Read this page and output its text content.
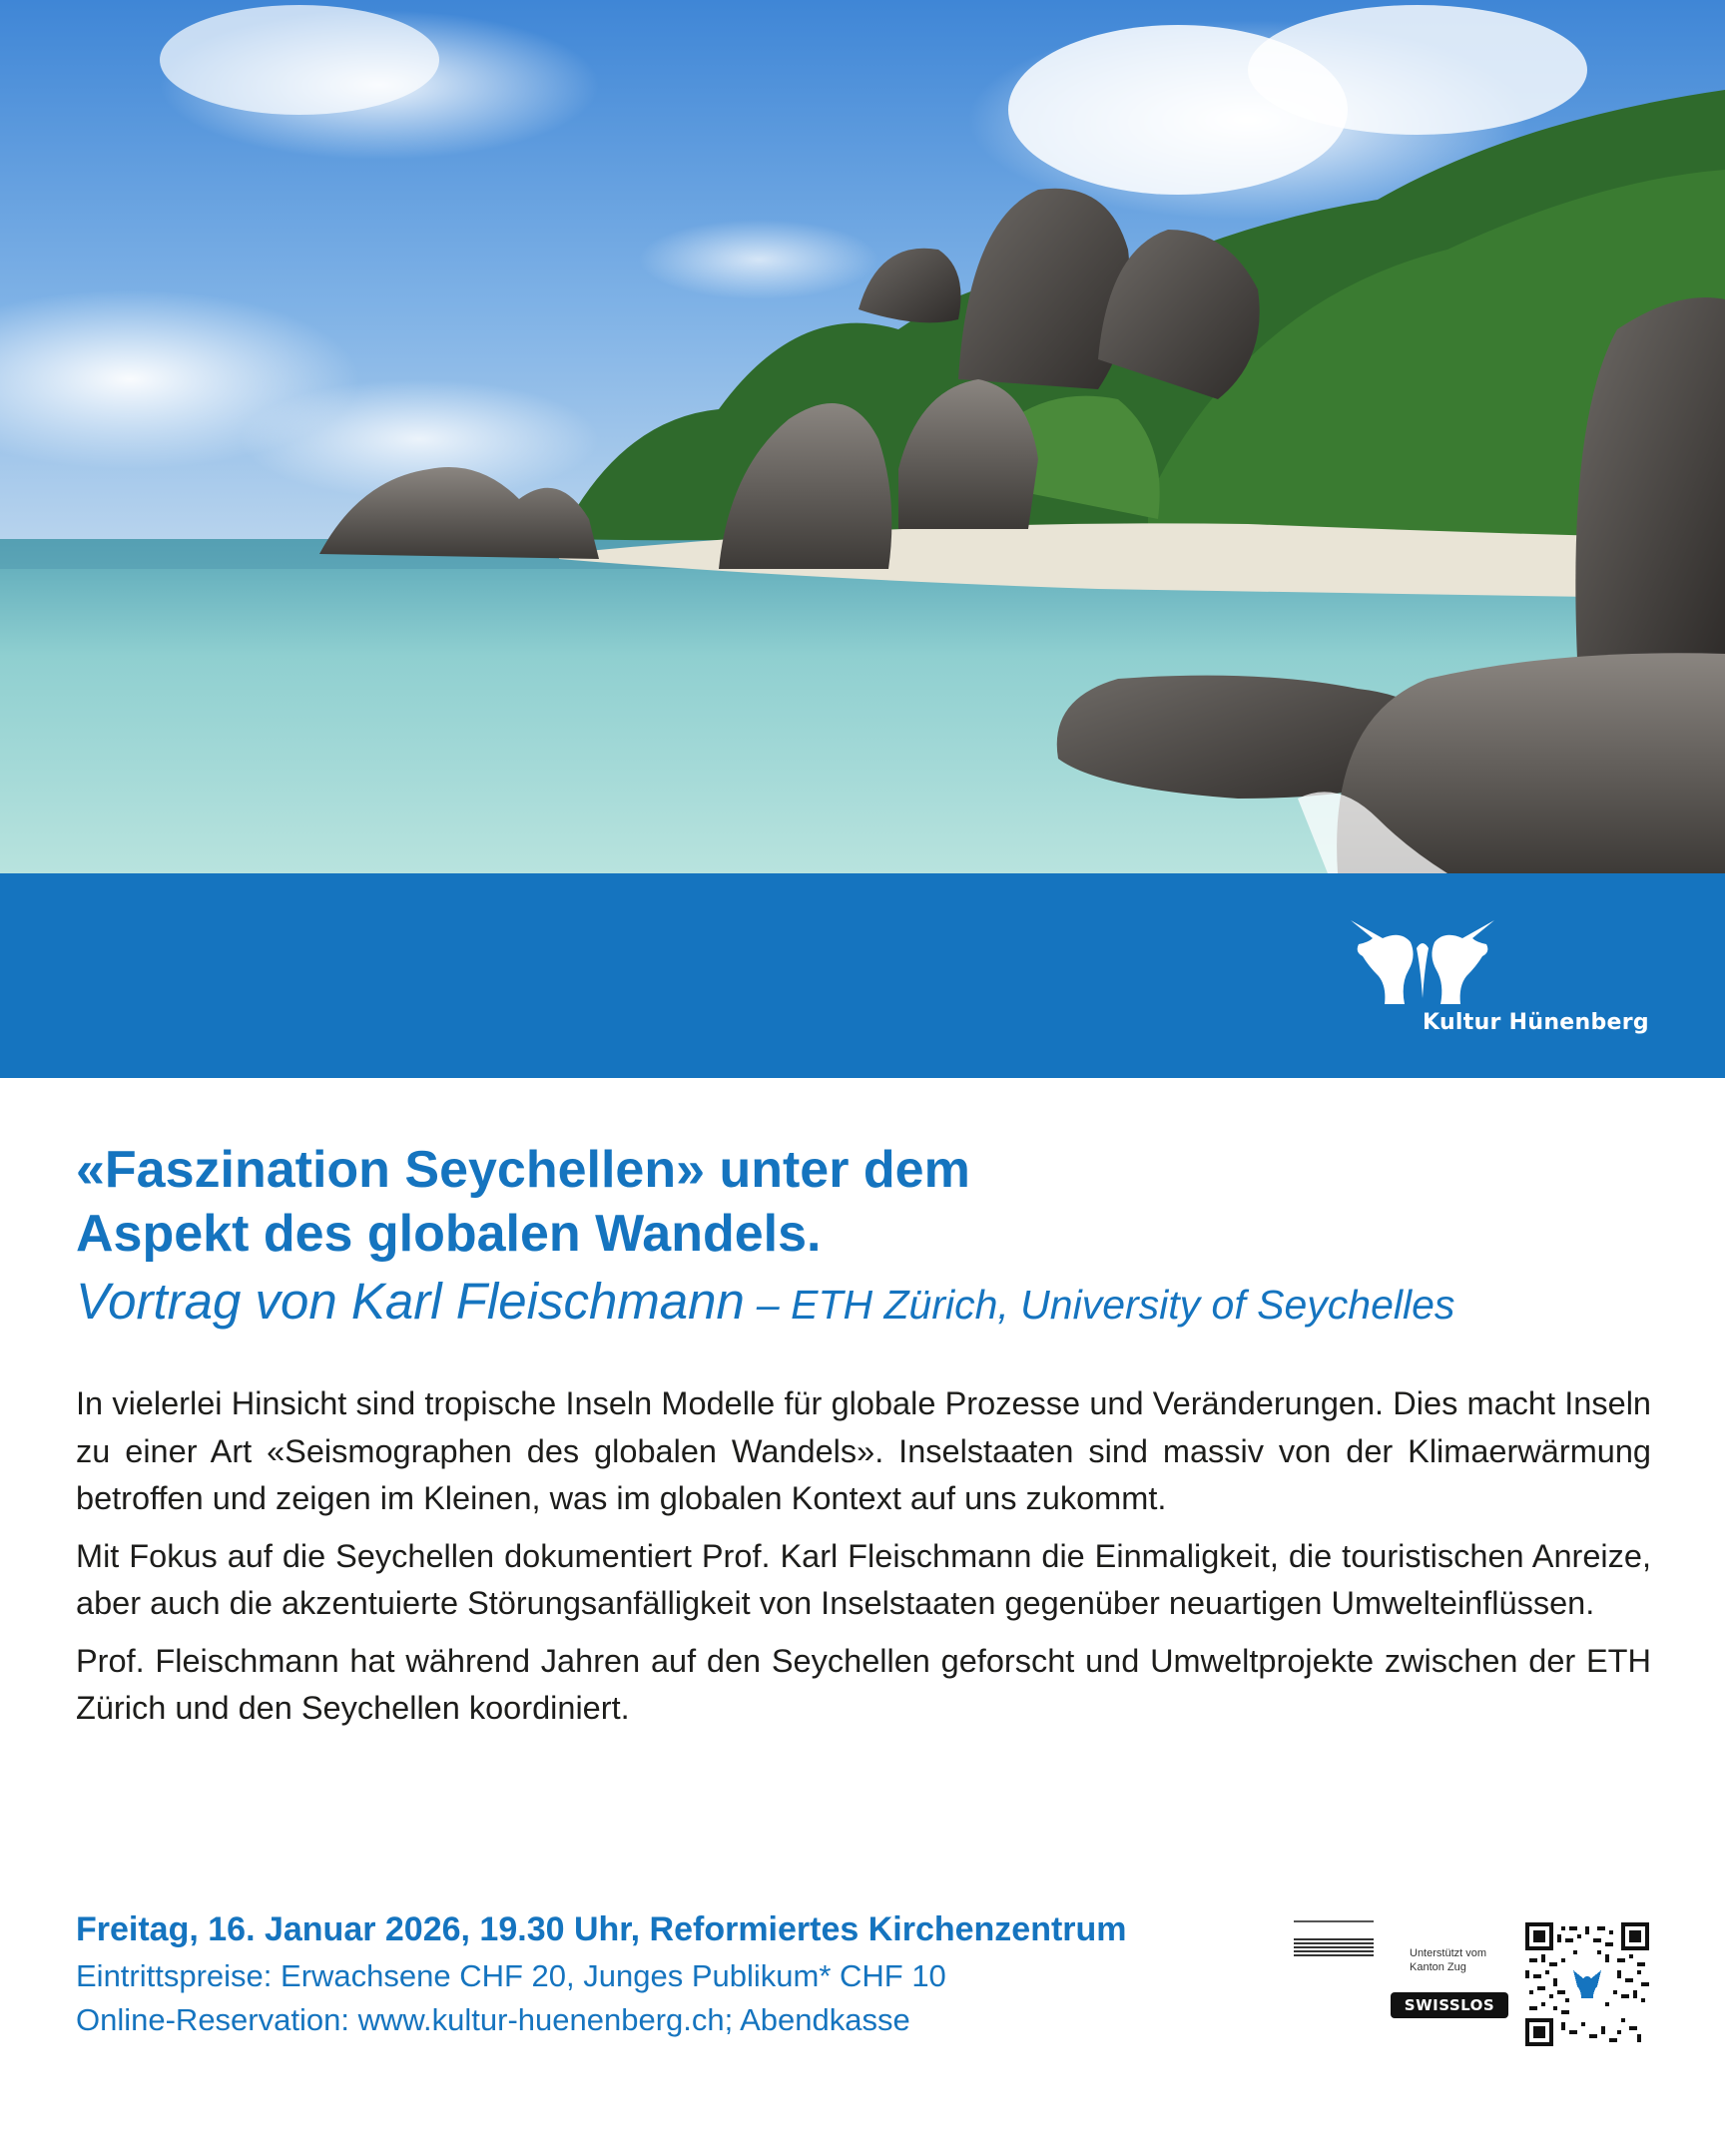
Kultur Hünenberg
«Faszination Seychellen» unter dem
Aspekt des globalen Wandels.
Vortrag von Karl Fleischmann – ETH Zürich, University of Seychelles

In vielerlei Hinsicht sind tropische Inseln Modelle für globale Prozesse und Veränderungen. Dies macht Inseln zu einer Art «Seismographen des globalen Wandels». Inselstaaten sind massiv von der Klimaerwärmung betroffen und zeigen im Kleinen, was im globalen Kontext auf uns zukommt.

Mit Fokus auf die Seychellen dokumentiert Prof. Karl Fleischmann die Einmaligkeit, die touristischen Anreize, aber auch die akzentuierte Störungsanfälligkeit von Inselstaaten gegenüber neuartigen Umwelteinflüssen.

Prof. Fleischmann hat während Jahren auf den Seychellen geforscht und Umweltprojekte zwischen der ETH Zürich und den Seychellen koordiniert.

Freitag, 16. Januar 2026, 19.30 Uhr, Reformiertes Kirchenzentrum
Eintrittspreise: Erwachsene CHF 20, Junges Publikum* CHF 10
Online-Reservation: www.kultur-huenenberg.ch; Abendkasse
Unterstützt vom
Kanton Zug
SWISSLOS
